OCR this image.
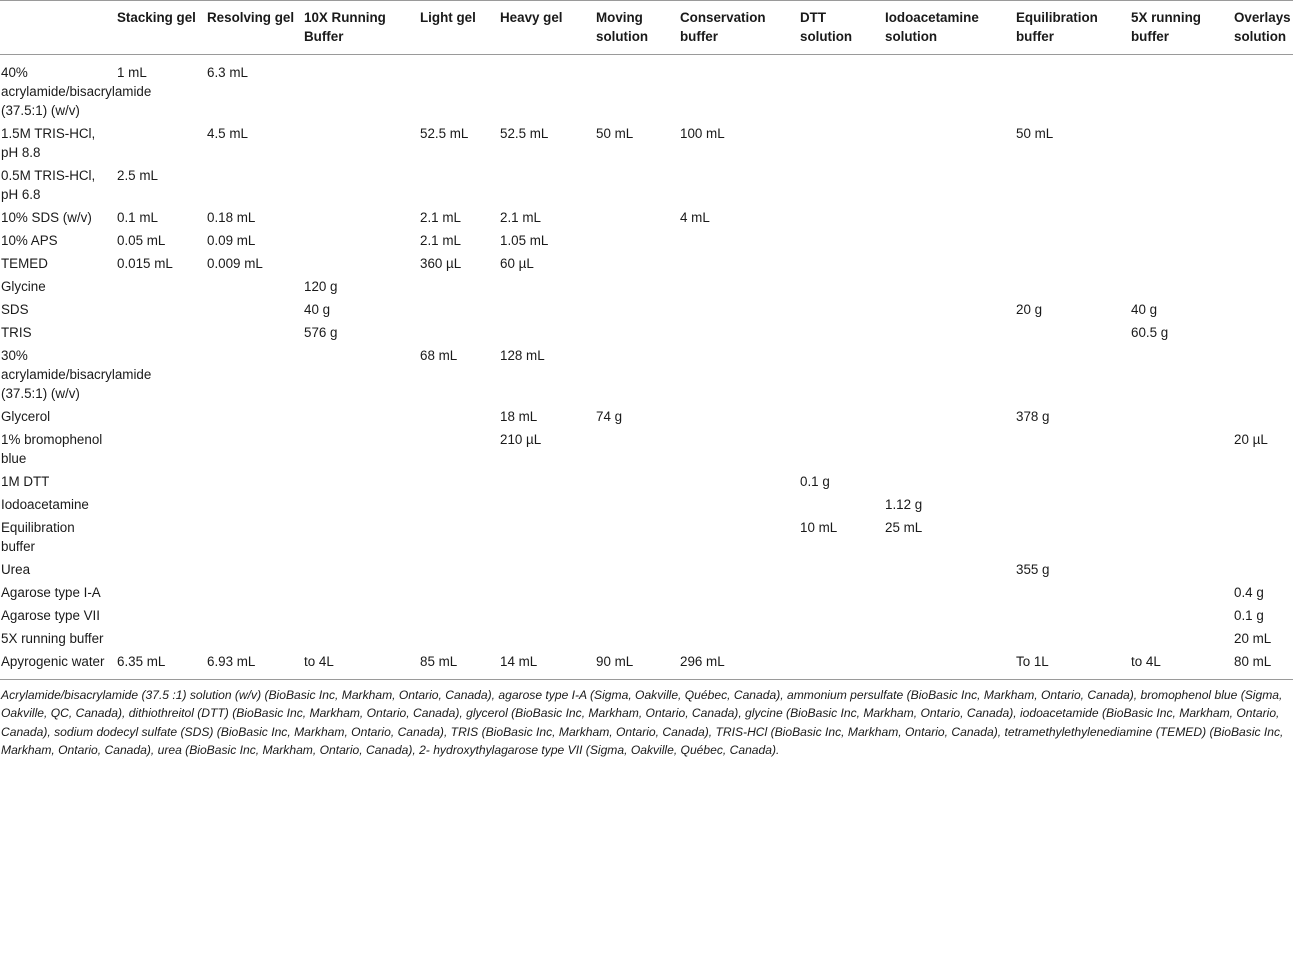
	Stacking gel	Resolving gel	10X Running Buffer	Light gel	Heavy gel	Moving solution	Conservation buffer	DTT solution	Iodoacetamine solution	Equilibration buffer	5X running buffer	Overlays solution
40% acrylamide/bisacrylamide (37.5:1) (w/v)	1 mL	6.3 mL										
1.5M TRIS-HCl, pH 8.8		4.5 mL		52.5 mL	52.5 mL	50 mL	100 mL			50 mL		
0.5M TRIS-HCl, pH 6.8	2.5 mL											
10% SDS (w/v)	0.1 mL	0.18 mL		2.1 mL	2.1 mL		4 mL					
10% APS	0.05 mL	0.09 mL		2.1 mL	1.05 mL							
TEMED	0.015 mL	0.009 mL		360 µL	60 µL							
Glycine			120 g									
SDS			40 g							20 g	40 g	
TRIS			576 g								60.5 g	
30% acrylamide/bisacrylamide (37.5:1) (w/v)				68 mL	128 mL							
Glycerol					18 mL	74 g				378 g		
1% bromophenol blue					210 µL							20 µL
1M DTT								0.1 g				
Iodoacetamine									1.12 g			
Equilibration buffer								10 mL	25 mL			
Urea										355 g		
Agarose type I-A												0.4 g
Agarose type VII												0.1 g
5X running buffer												20 mL
Apyrogenic water	6.35 mL	6.93 mL	to 4L	85 mL	14 mL	90 mL	296 mL			To 1L	to 4L	80 mL

Acrylamide/bisacrylamide (37.5 :1) solution (w/v) (BioBasic Inc, Markham, Ontario, Canada), agarose type I-A (Sigma, Oakville, Québec, Canada), ammonium persulfate (BioBasic Inc, Markham, Ontario, Canada), bromophenol blue (Sigma, Oakville, QC, Canada), dithiothreitol (DTT) (BioBasic Inc, Markham, Ontario, Canada), glycerol (BioBasic Inc, Markham, Ontario, Canada), glycine (BioBasic Inc, Markham, Ontario, Canada), iodoacetamide (BioBasic Inc, Markham, Ontario, Canada), sodium dodecyl sulfate (SDS) (BioBasic Inc, Markham, Ontario, Canada), TRIS (BioBasic Inc, Markham, Ontario, Canada), TRIS-HCl (BioBasic Inc, Markham, Ontario, Canada), tetramethylethylenediamine (TEMED) (BioBasic Inc, Markham, Ontario, Canada), urea (BioBasic Inc, Markham, Ontario, Canada), 2- hydroxythylagarose type VII (Sigma, Oakville, Québec, Canada).
